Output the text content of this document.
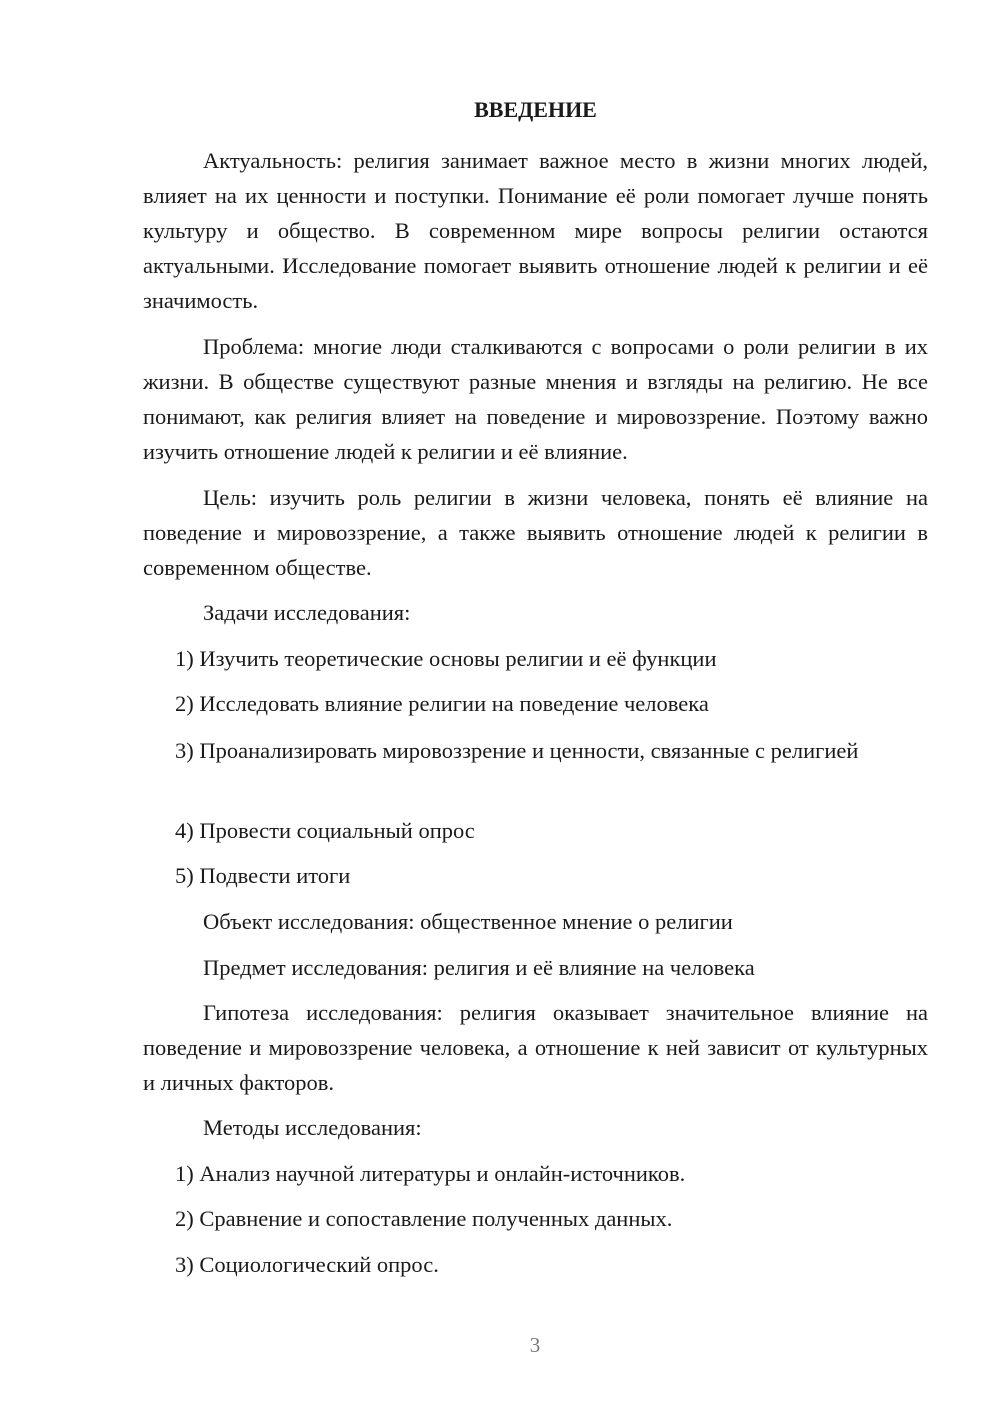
ВВЕДЕНИЕ

Актуальность: религия занимает важное место в жизни многих людей, влияет на их ценности и поступки. Понимание её роли помогает лучше понять культуру и общество. В современном мире вопросы религии остаются актуальными. Исследование помогает выявить отношение людей к религии и её значимость.

Проблема: многие люди сталкиваются с вопросами о роли религии в их жизни. В обществе существуют разные мнения и взгляды на религию. Не все понимают, как религия влияет на поведение и мировоззрение. Поэтому важно изучить отношение людей к религии и её влияние.

Цель: изучить роль религии в жизни человека, понять её влияние на поведение и мировоззрение, а также выявить отношение людей к религии в современном обществе.

Задачи исследования:

1) Изучить теоретические основы религии и её функции

2) Исследовать влияние религии на поведение человека

3) Проанализировать мировоззрение и ценности, связанные с религией

4) Провести социальный опрос

5) Подвести итоги

Объект исследования: общественное мнение о религии

Предмет исследования: религия и её влияние на человека

Гипотеза исследования: религия оказывает значительное влияние на поведение и мировоззрение человека, а отношение к ней зависит от культурных и личных факторов.

Методы исследования:

1) Анализ научной литературы и онлайн-источников.

2) Сравнение и сопоставление полученных данных.

3) Социологический опрос.

3
